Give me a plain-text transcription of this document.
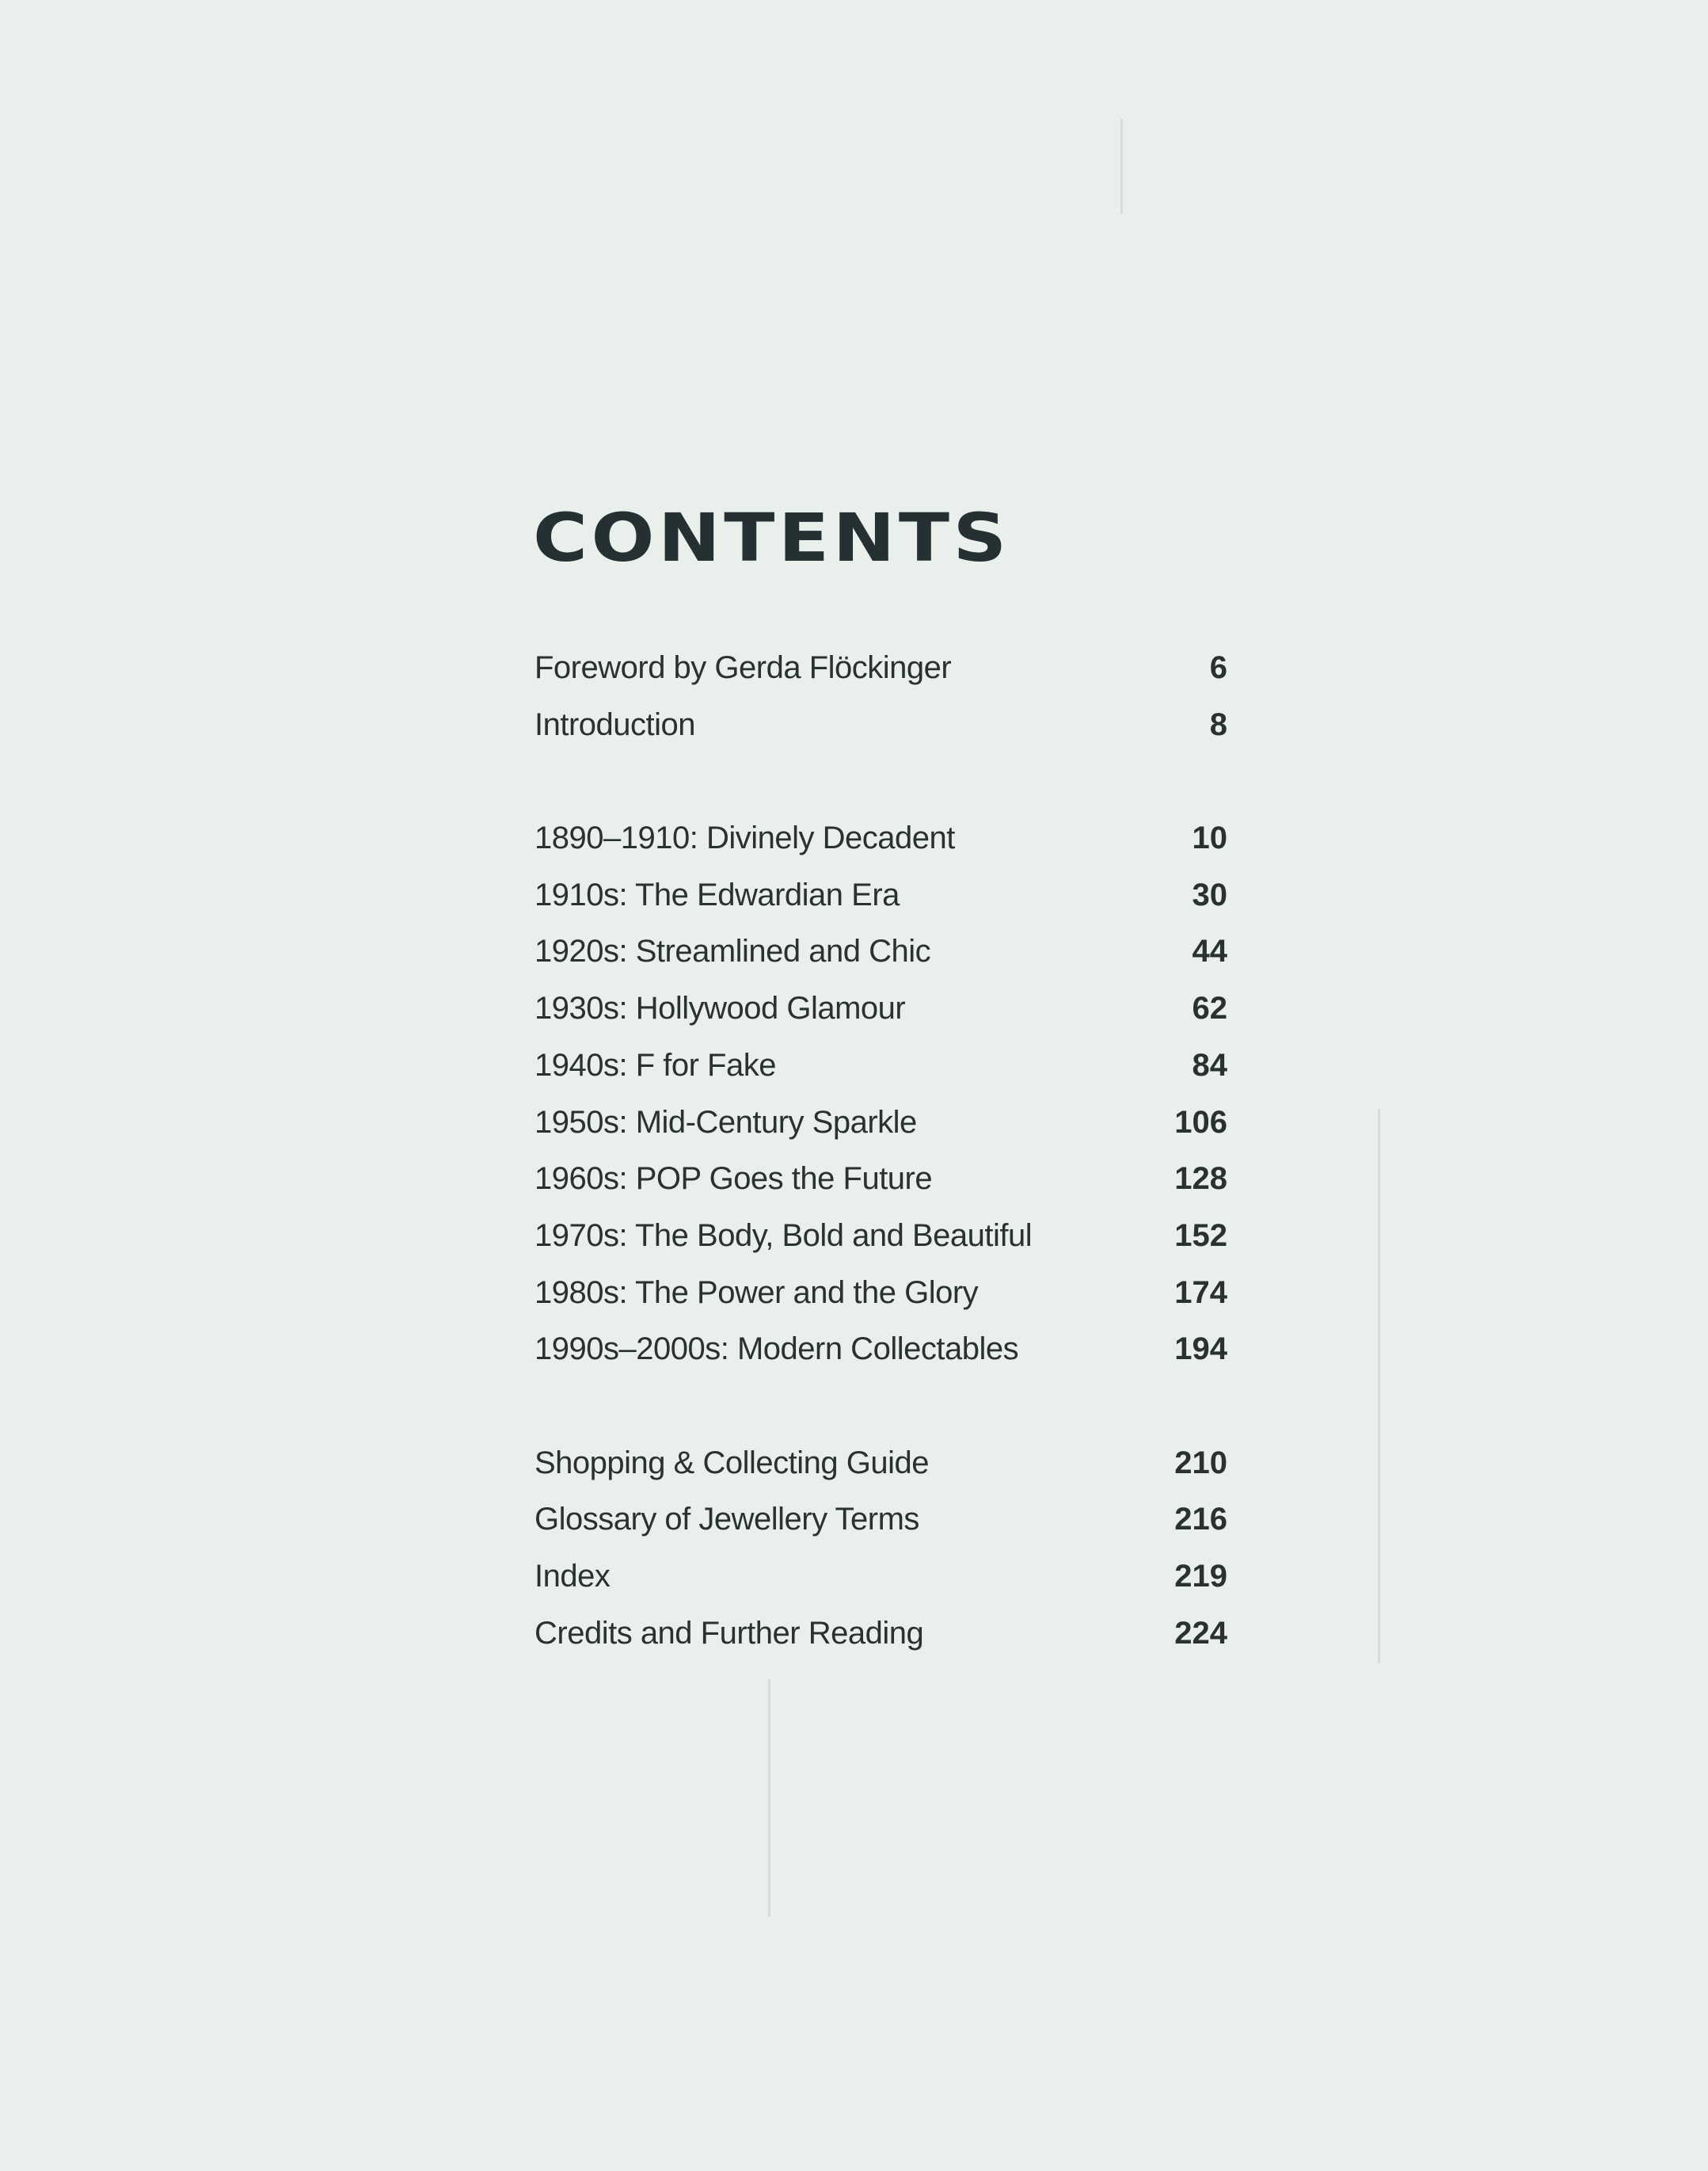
CONTENTS
Foreword by Gerda Flöckinger	6
Introduction	8
1890–1910: Divinely Decadent	10
1910s: The Edwardian Era	30
1920s: Streamlined and Chic	44
1930s: Hollywood Glamour	62
1940s: F for Fake	84
1950s: Mid-Century Sparkle	106
1960s: POP Goes the Future	128
1970s: The Body, Bold and Beautiful	152
1980s: The Power and the Glory	174
1990s–2000s: Modern Collectables	194
Shopping & Collecting Guide	210
Glossary of Jewellery Terms	216
Index	219
Credits and Further Reading	224
